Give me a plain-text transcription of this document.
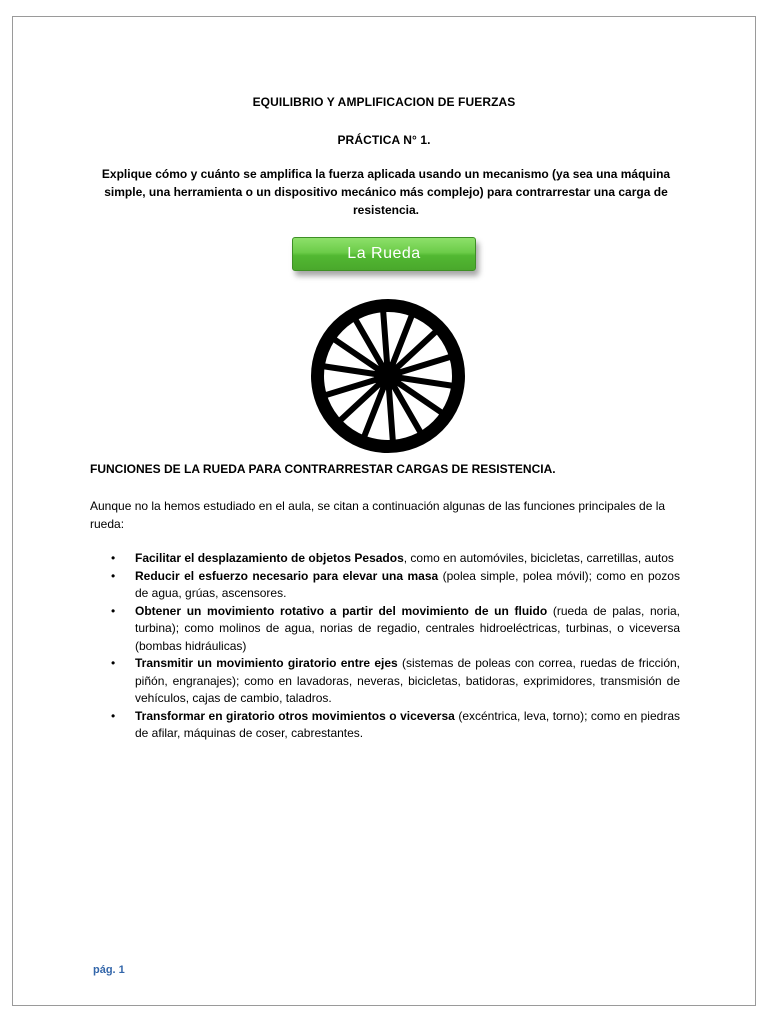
EQUILIBRIO Y AMPLIFICACION DE FUERZAS
PRÁCTICA N° 1.
Explique cómo y cuánto se amplifica la fuerza aplicada usando un mecanismo (ya sea una máquina simple, una herramienta o un dispositivo mecánico más complejo) para contrarrestar una carga de resistencia.
La Rueda
FUNCIONES DE LA RUEDA PARA CONTRARRESTAR CARGAS DE RESISTENCIA.
Aunque no la hemos estudiado en el aula, se citan a continuación algunas de las funciones principales de la rueda:
• Facilitar el desplazamiento de objetos Pesados, como en automóviles, bicicletas, carretillas, autos
• Reducir el esfuerzo necesario para elevar una masa (polea simple, polea móvil); como en pozos de agua, grúas, ascensores.
• Obtener un movimiento rotativo a partir del movimiento de un fluido (rueda de palas, noria, turbina); como molinos de agua, norias de regadio, centrales hidroeléctricas, turbinas, o viceversa (bombas hidráulicas)
• Transmitir un movimiento giratorio entre ejes (sistemas de poleas con correa, ruedas de fricción, piñón, engranajes); como en lavadoras, neveras, bicicletas, batidoras, exprimidores, transmisión de vehículos, cajas de cambio, taladros.
• Transformar en giratorio otros movimientos o viceversa (excéntrica, leva, torno); como en piedras de afilar, máquinas de coser, cabrestantes.
pág. 1
